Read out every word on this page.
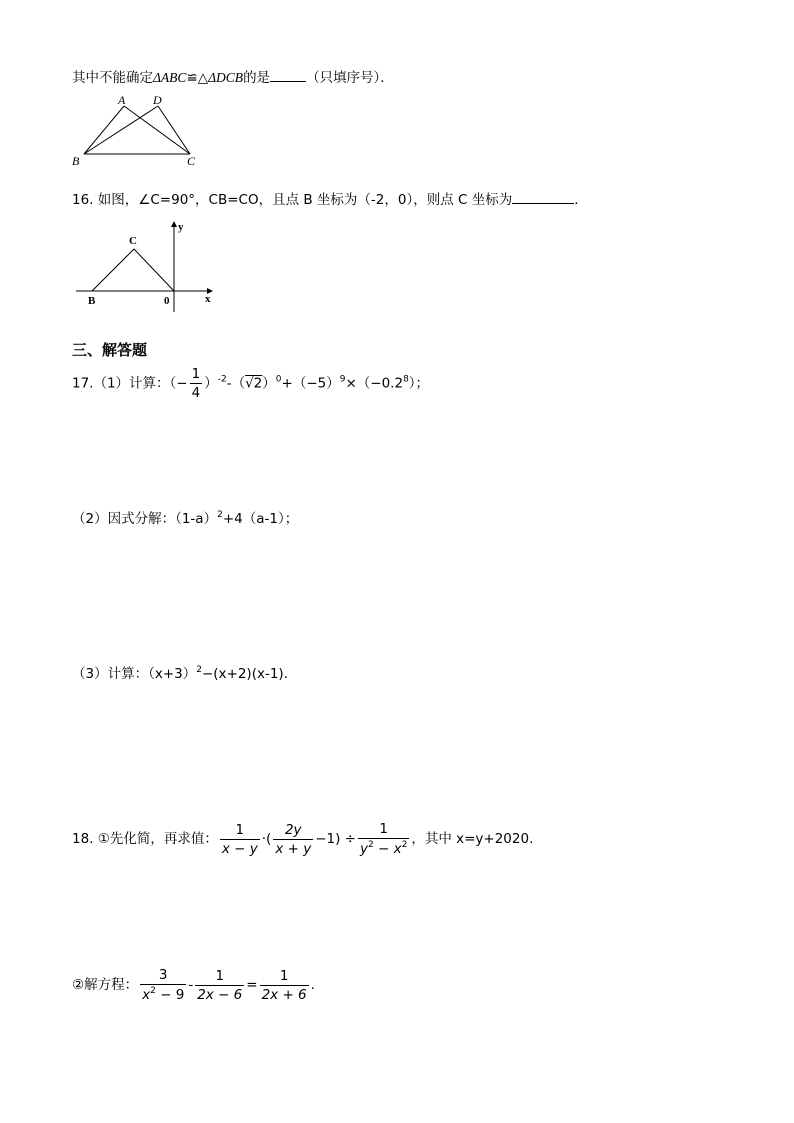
其中不能确定ΔABC≌△ΔDCB的是	（只填序号）．
A D
B	C
16. 如图，∠C=90°，CB=CO，且点 B 坐标为（-2，0），则点 C 坐标为	．
C
B	0	x
y
三、解答题
17.（1）计算：（− $\frac{1}{4} )^{-2}-(√2)^0+(-5)^9\times(-0.2^8)$；
（2）因式分解：$(1-a)^2+4(a-1)$；
（3）计算：$(x+3)^2-(x+2)(x-1)$.
18. ①先化简，再求值： $\frac{1}{x - y}$ ·( $\frac{2y}{x + y} -1) \div \frac{1}{y^2 - x^2}$ ，其中 x=y+2020.
②解方程： $\frac{3}{x^2 - 9} - \frac{1}{2x - 6} = \frac{1}{2x + 6}$ .
